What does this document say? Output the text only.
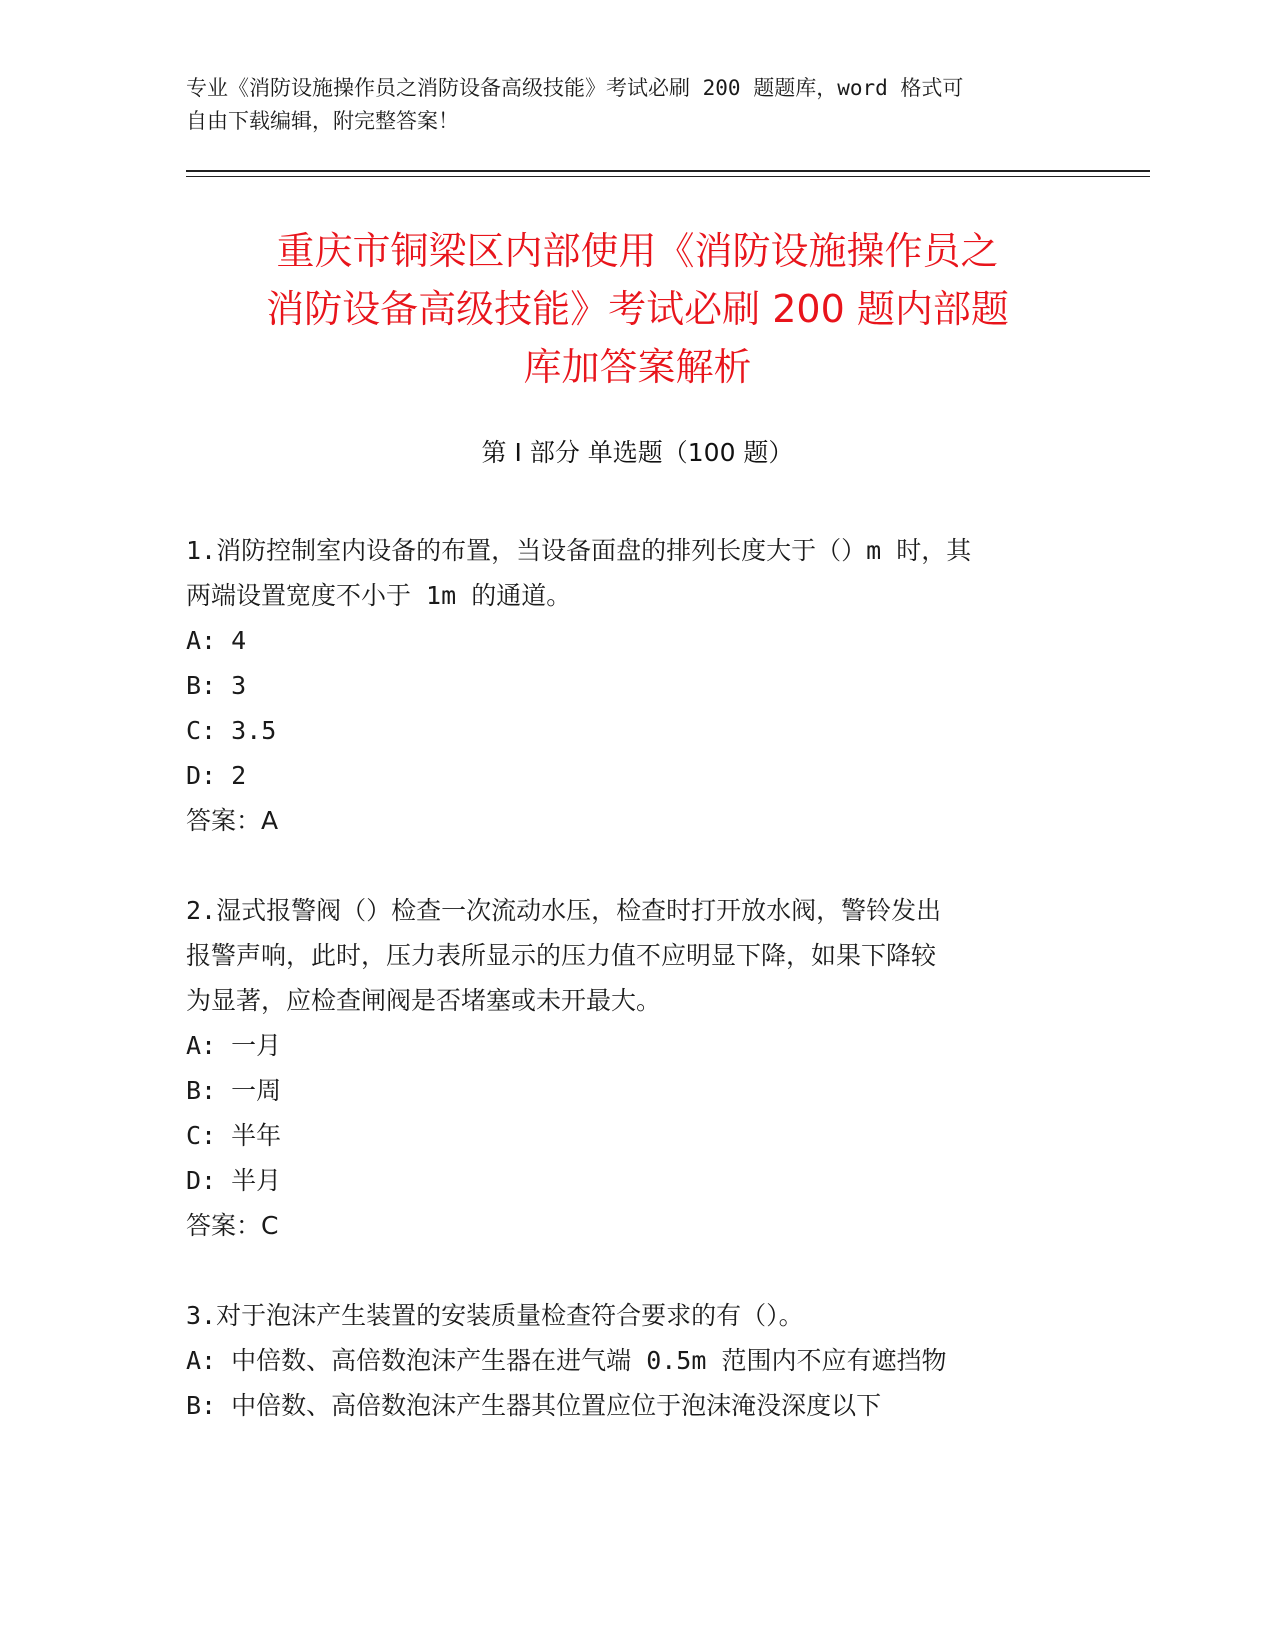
专业《消防设施操作员之消防设备高级技能》考试必刷 200 题题库，word 格式可
自由下载编辑，附完整答案！
重庆市铜梁区内部使用《消防设施操作员之
消防设备高级技能》考试必刷 200 题内部题
库加答案解析
第 I 部分 单选题（100 题）

1.消防控制室内设备的布置，当设备面盘的排列长度大于（）m 时，其

两端设置宽度不小于 1m 的通道。

A: 4

B: 3

C: 3.5

D: 2

答案：A

2.湿式报警阀（）检查一次流动水压，检查时打开放水阀，警铃发出

报警声响，此时，压力表所显示的压力值不应明显下降，如果下降较

为显著，应检查闸阀是否堵塞或未开最大。

A: 一月

B: 一周

C: 半年

D: 半月

答案：C

3.对于泡沫产生装置的安装质量检查符合要求的有（）。

A: 中倍数、高倍数泡沫产生器在进气端 0.5m 范围内不应有遮挡物

B: 中倍数、高倍数泡沫产生器其位置应位于泡沫淹没深度以下
